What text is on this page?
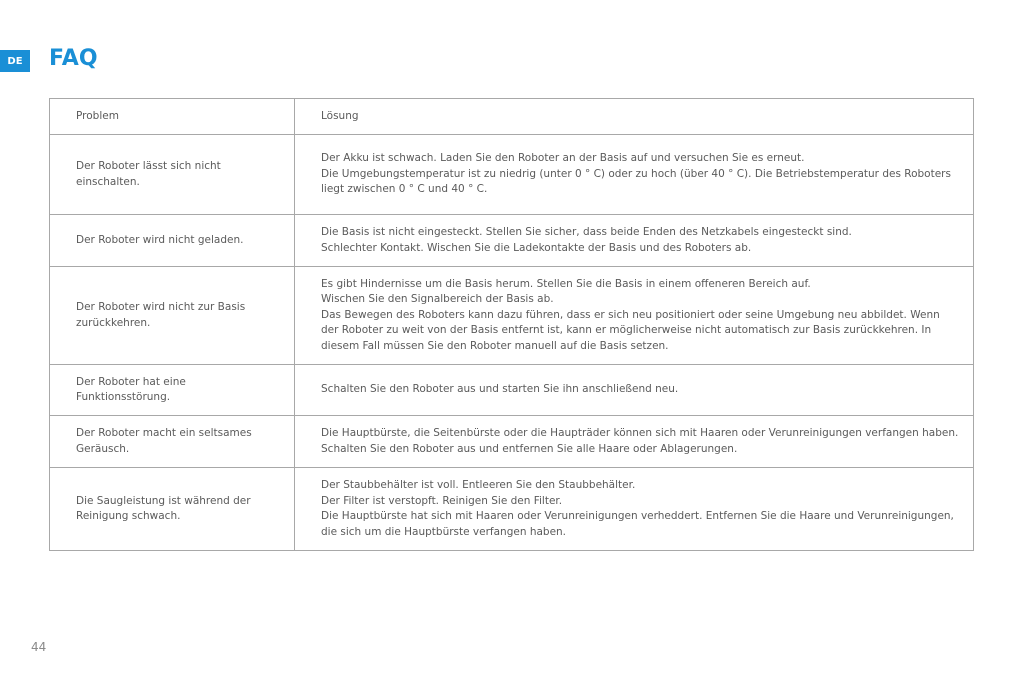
DE	FAQ
Problem	Lösung
Der Roboter lässt sich nicht einschalten.	Der Akku ist schwach. Laden Sie den Roboter an der Basis auf und versuchen Sie es erneut.
Die Umgebungstemperatur ist zu niedrig (unter 0 ° C) oder zu hoch (über 40 ° C). Die Betriebstemperatur des Roboters liegt zwischen 0 ° C und 40 ° C.

Der Roboter wird nicht geladen.	Die Basis ist nicht eingesteckt. Stellen Sie sicher, dass beide Enden des Netzkabels eingesteckt sind.
Schlechter Kontakt. Wischen Sie die Ladekontakte der Basis und des Roboters ab.

Der Roboter wird nicht zur Basis zurückkehren.	Es gibt Hindernisse um die Basis herum. Stellen Sie die Basis in einem offeneren Bereich auf.
Wischen Sie den Signalbereich der Basis ab.
Das Bewegen des Roboters kann dazu führen, dass er sich neu positioniert oder seine Umgebung neu abbildet. Wenn der Roboter zu weit von der Basis entfernt ist, kann er möglicherweise nicht automatisch zur Basis zurückkehren. In diesem Fall müssen Sie den Roboter manuell auf die Basis setzen.

Der Roboter hat eine Funktionsstörung.	Schalten Sie den Roboter aus und starten Sie ihn anschließend neu.

Der Roboter macht ein seltsames Geräusch.	Die Hauptbürste, die Seitenbürste oder die Haupträder können sich mit Haaren oder Verunreinigungen verfangen haben. Schalten Sie den Roboter aus und entfernen Sie alle Haare oder Ablagerungen.

Die Saugleistung ist während der Reinigung schwach.	Der Staubbehälter ist voll. Entleeren Sie den Staubbehälter.
Der Filter ist verstopft. Reinigen Sie den Filter.
Die Hauptbürste hat sich mit Haaren oder Verunreinigungen verheddert. Entfernen Sie die Haare und Verunreinigungen, die sich um die Hauptbürste verfangen haben.
44
